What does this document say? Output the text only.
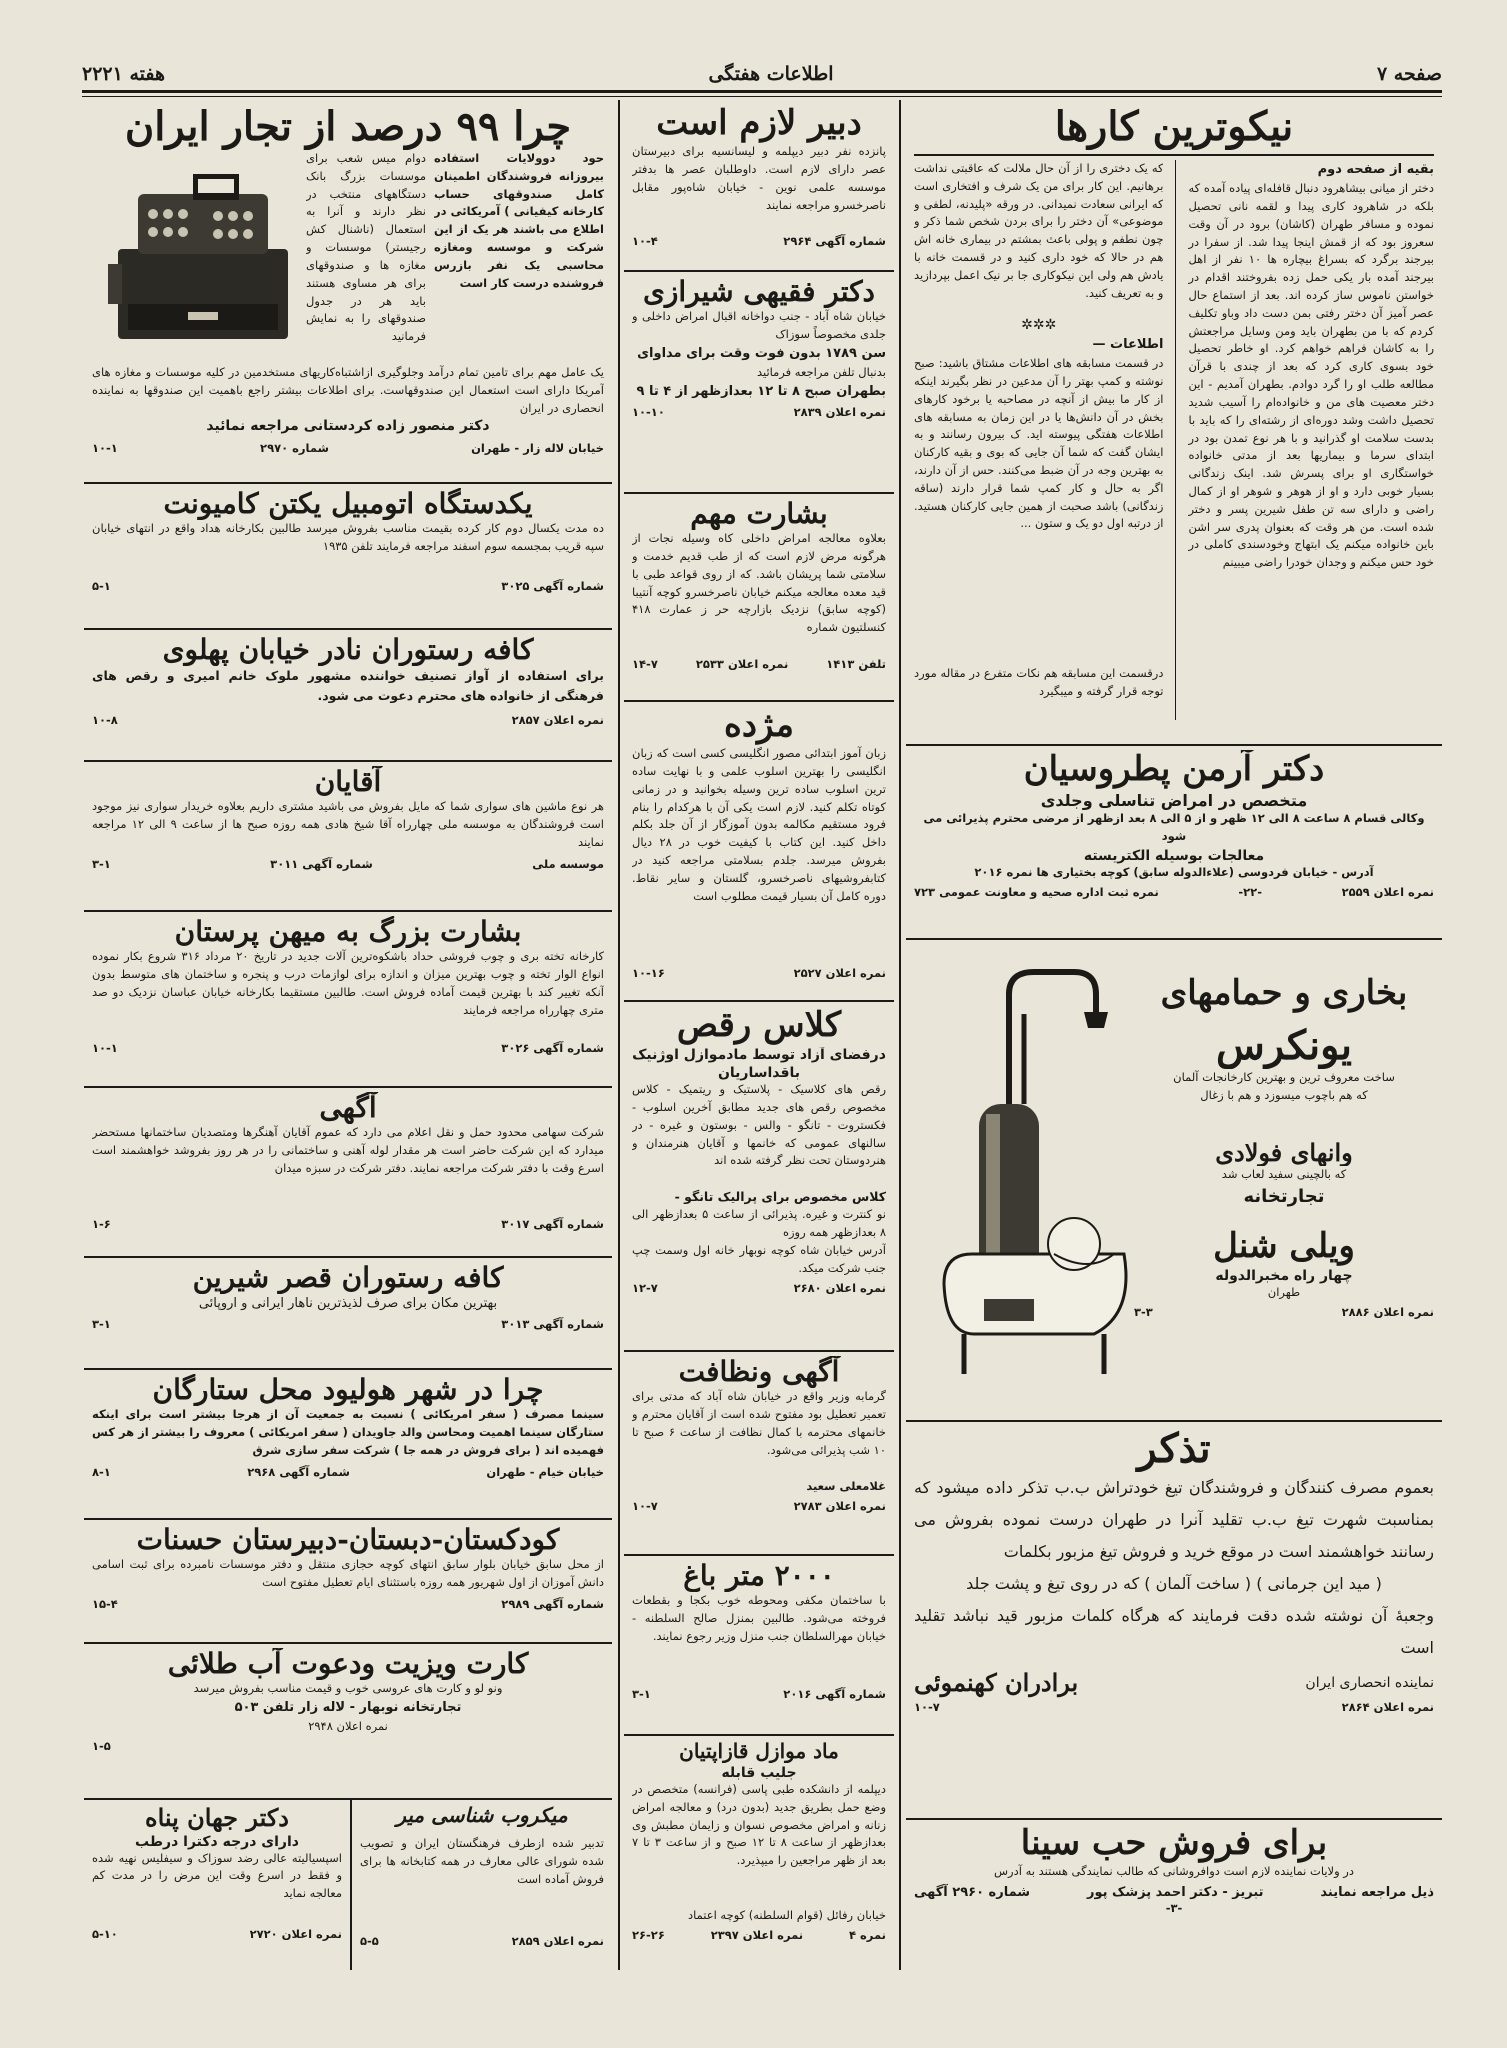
صفحه ۷
اطلاعات هفتگی
هفته ۲۲۲۱
نیکوترین کارها

بقیه از صفحه دوم

دختر از میانی بیشاهرود دنبال قافله‌ای پیاده آمده که بلکه در شاهرود کاری پیدا و لقمه نانی تحصیل نموده و مسافر طهران (کاشان) برود در آن وقت سعروز بود که از قمش اینجا پیدا شد. از سفرا در بیرجند برگرد که بسراغ بیچاره ها ۱۰ نفر از اهل بیرجند آمده بار یکی حمل زده بفروختند اقدام در خواستن ناموس ساز کرده اند. بعد از استماع حال عصر آمیز آن دختر رفتی بمن دست داد وباو تکلیف کردم که با من بطهران باید ومن وسایل مراجعتش را به کاشان فراهم خواهم کرد. او خاطر تحصیل خود بسوی کاری کرد که بعد از چندی با قرآن مطالعه طلب او را گرد دوادم. بطهران آمدیم - این دختر معصیت های من و خانواده‌ام را آسیب شدید تحصیل داشت وشد دوره‌ای از رشته‌ای را که باید با بدست سلامت او گذرانید و با هر نوع تمدن بود در ابتدای سرما و بیماریها بعد از مدتی خانواده خواستگاری او برای پسرش شد. اینک زندگانی بسیار خوبی دارد و او از هوهر و شوهر او از کمال راضی و دارای سه تن طفل شیرین پسر و دختر شده است. من هر وقت که بعنوان پدری سر اشن باین خانواده میکنم یک ابتهاج وخودسندی کاملی در خود حس میکنم و وجدان خودرا راضی میبینم

که یک دختری را از آن حال ملالت که عاقبتی نداشت برهانیم. این کار برای من یک شرف و افتخاری است که ایرانی سعادت نمیدانی. در ورقه «پلیدنه، لطفی و موضوعی» آن دختر را برای بردن شخص شما ذکر و چون نطفم و پولی باعث بمشتم در بیماری خانه اش هم در حالا که خود داری کنید و در قسمت خانه با یادش هم ولی این نیکوکاری جا بر نیک اعمل بپردازید و به تعریف کنید.

✲✲✲

اطلاعات —

در قسمت مسابقه های اطلاعات مشتاق باشید: صبح نوشته و کمپ بهتر را آن مدعین در نظر بگیرند اینکه از کار ما بیش از آنچه در مصاحبه یا برخود کارهای بخش در آن دانش‌ها یا در این زمان به مسابقه های اطلاعات هفتگی پیوسته اید. ک بیرون رسانند و به ایشان گفت که شما آن جایی که بوی و بقیه کارکنان به بهترین وجه در آن ضبط می‌کنند. حس از آن دارند، اگر به حال و کار کمپ شما قرار دارند (ساقه زندگانی) باشد صحبت از همین جایی کارکنان هستید. از درتبه اول دو یک و ستون ...

درقسمت این مسابقه هم نکات متفرع در مقاله مورد توجه قرار گرفته و میبگیرد

دکتر آرمن پطروسیان
متخصص در امراض تناسلی وجلدی

وکالی قسام ۸ ساعت ۸ الی ۱۲ ظهر و از ۵ الی ۸ بعد ازظهر از مرضی محترم پذیرائی می شود

معالجات بوسیله الکتریسته

آدرس - خیابان فردوسی (علاءالدوله سابق) کوچه بختیاری ها نمره ۲۰۱۶

نمره اعلان ۲۵۵۹
-۲۲-
نمره ثبت اداره صحیه و معاونت عمومی ۷۲۳
بخاری و حمامهای
یونکرس

ساخت معروف ترین و بهترین کارخانجات آلمان

که هم باچوب میسوزد و هم با زغال

وانهای فولادی

که بالچینی سفید لعاب شد

تجارتخانه
ویلی شنل
چهار راه مخبرالدوله

طهران

نمره اعلان ۲۸۸۶
۳-۳
تذکر

بعموم مصرف کنندگان و فروشندگان تیغ خودتراش ب.ب تذکر داده میشود که بمناسبت شهرت تیغ ب.ب تقلید آنرا در طهران درست نموده بفروش می رسانند خواهشمند است در موقع خرید و فروش تیغ مزبور بکلمات

( مید این جرمانی ) ( ساخت آلمان ) که در روی تیغ و پشت جلد

وجعبهٔ آن نوشته شده دقت فرمایند که هرگاه کلمات مزبور قید نباشد تقلید است

نماینده انحصاری ایران
برادران کهنموئی
نمره اعلان ۲۸۶۴
۱۰-۷
برای فروش حب سینا

در ولایات نماینده لازم است دوافروشانی که طالب نمایندگی هستند به آدرس

ذیل مراجعه نمایند
تبریز - دکتر احمد پزشک پور
شماره ۲۹۶۰ آگهی

-۳-

دبیر لازم است

پانزده نفر دبیر دیپلمه و لیسانسیه برای دبیرستان عصر دارای لازم است. داوطلبان عصر ها بدفتر موسسه علمی نوین - خیابان شاه‌پور مقابل ناصرخسرو مراجعه نمایند

شماره آگهی ۲۹۶۴
۱۰-۴
دکتر فقیهی شیرازی

خیابان شاه آباد - جنب دواخانه اقبال امراض داخلی و جلدی مخصوصاً سوزاک

سن ۱۷۸۹ بدون فوت وقت برای مداوای

بدنبال تلفن مراجعه فرمائید

بطهران صبح ۸ تا ۱۲ بعدازظهر از ۴ تا ۹

نمره اعلان ۲۸۳۹
۱۰-۱۰
بشارت مهم

بعلاوه معالجه امراض داخلی کاه وسیله نجات از هرگونه مرض لازم است که از طب قدیم خدمت و سلامتی شما پریشان باشد. که از روی قواعد طبی با قید معده معالجه میکنم خیابان ناصرخسرو کوچه آنتیبا (کوچه سابق) نزدیک بازارچه حر ز عمارت ۴۱۸ کنسلتیون شماره

تلفن ۱۴۱۳
نمره اعلان ۲۵۳۳
۱۴-۷
مژده

زبان آموز ابتدائی مصور انگلیسی کسی است که زبان انگلیسی را بهترین اسلوب علمی و با نهایت ساده ترین اسلوب ساده ترین وسیله بخوانید و در زمانی کوتاه تکلم کنید. لازم است یکی آن با هرکدام را بنام فرود مستقیم مکالمه بدون آموزگار از آن جلد بکلم داخل کنید. این کتاب با کیفیت خوب در ۲۸ دیال بفروش میرسد. جلدم بسلامتی مراجعه کنید در کتابفروشیهای ناصرخسرو، گلستان و سایر نقاط. دوره کامل آن بسیار قیمت مطلوب است

نمره اعلان ۲۵۲۷
۱۰-۱۶
کلاس رقص
درفضای آزاد توسط مادموازل اوژنیک
باقداساریان

رقص های کلاسیک - پلاستیک و ریتمیک - کلاس مخصوص رقص های جدید مطابق آخرین اسلوب - فکستروت - تانگو - والس - بوستون و غیره - در سالنهای عمومی که خانمها و آقایان هنرمندان و هنردوستان تحت نظر گرفته شده اند

کلاس مخصوص برای پرالیک تانگو -

نو کنترت و غیره. پذیرائی از ساعت ۵ بعدازظهر الی ۸ بعدازظهر همه روزه

آدرس خیابان شاه کوچه نوبهار خانه اول وسمت چپ جنب شرکت میکد.

نمره اعلان ۲۶۸۰
۱۲-۷
آگهی ونظافت

گرمابه وزیر واقع در خیابان شاه آباد که مدتی برای تعمیر تعطیل بود مفتوح شده است از آقایان محترم و خانمهای محترمه با کمال نظافت از ساعت ۶ صبح تا ۱۰ شب پذیرائی می‌شود.

غلامعلی سعید

نمره اعلان ۲۷۸۳
۱۰-۷
۲۰۰۰ متر باغ

با ساختمان مکفی ومحوطه خوب بکجا و بقطعات فروخته می‌شود. طالبین بمنزل صالح السلطنه - خیابان مهرالسلطان جنب منزل وزیر رجوع نمایند.

شماره آگهی ۲۰۱۶
۳-۱
ماد موازل قازاپتیان
جلیب قابله

دیپلمه از دانشکده طبی پاسی (فرانسه) متخصص در وضع حمل بطریق جدید (بدون درد) و معالجه امراض زنانه و امراض مخصوص نسوان و زایمان مطبش وی بعدازظهر از ساعت ۸ تا ۱۲ صبح و از ساعت ۳ تا ۷ بعد از ظهر مراجعین را میپذیرد.

خیابان رفائل (قوام السلطنه) کوچه اعتماد

نمره ۴
نمره اعلان ۲۳۹۷
۲۶-۲۶
چرا ۹۹ درصد از تجار ایران

حود دوولایات استفاده بیروزانه فروشندگان اطمینان کامل صندوقهای حساب کارخانه کیفیانی ) آمریکائی در اطلاع می باشند هر یک از این شرکت و موسسه ومغازه محاسبی یک نفر بازرس فروشنده درست کار است

دوام میس شعب برای موسسات بزرگ بانک دستگاههای منتخب در نظر دارند و آنرا به استعمال (ناشنال کش رجیستر) موسسات و مغازه ها و صندوقهای برای هر مساوی هستند باید هر در جدول صندوقهای را به نمایش فرمانید

یک عامل مهم برای تامین تمام درآمد وجلوگیری ازاشتباه‌کاریهای مستخدمین در کلیه موسسات و مغازه های آمریکا دارای است استعمال این صندوقهاست. برای اطلاعات بیشتر راجع باهمیت این صندوقها به نماینده انحصاری در ایران

دکتر منصور زاده کردستانی مراجعه نمائید

خیابان لاله زار - طهران
شماره ۲۹۷۰
۱۰-۱
یکدستگاه اتومبیل یکتن کامیونت

ده مدت یکسال دوم کار کرده بقیمت مناسب بفروش میرسد طالبین بکارخانه هداد واقع در انتهای خیابان سپه قریب بمجسمه سوم اسفند مراجعه فرمایند تلفن ۱۹۳۵

شماره آگهی ۳۰۲۵
۵-۱
کافه رستوران نادر خیابان پهلوی

برای استفاده از آواز تصنیف خواننده مشهور ملوک خانم امیری و رقص های فرهنگی از خانواده های محترم دعوت می شود.

نمره اعلان ۲۸۵۷
۱۰-۸
آقایان

هر نوع ماشین های سواری شما که مایل بفروش می باشید مشتری داریم بعلاوه خریدار سواری نیز موجود است فروشندگان به موسسه ملی چهارراه آقا شیخ هادی همه روزه صبح ها از ساعت ۹ الی ۱۲ مراجعه نمایند

موسسه ملی
شماره آگهی ۳۰۱۱
۳-۱
بشارت بزرگ به میهن پرستان

کارخانه تخته بری و چوب فروشی حداد باشکوه‌ترین آلات جدید در تاریخ ۲۰ مرداد ۳۱۶ شروع بکار نموده انواع الوار تخته و چوب بهترین میزان و اندازه برای لوازمات درب و پنجره و ساختمان های متوسط بدون آنکه تغییر کند با بهترین قیمت آماده فروش است. طالبین مستقیما بکارخانه خیابان عباسان نزدیک دو صد متری چهارراه مراجعه فرمایند

شماره آگهی ۳۰۲۶
۱۰-۱
آگهی

شرکت سهامی محدود حمل و نقل اعلام می دارد که عموم آقایان آهنگرها ومتصدیان ساختمانها مستحضر میدارد که این شرکت حاضر است هر مقدار لوله آهنی و ساختمانی را در هر روز بفروشد خواهشمند است اسرع وقت با دفتر شرکت مراجعه نمایند. دفتر شرکت در سبزه میدان

شماره آگهی ۳۰۱۷
۱-۶
کافه رستوران قصر شیرین

بهترین مکان برای صرف لذیذترین ناهار ایرانی و اروپائی

شماره آگهی ۳۰۱۳
۳-۱
چرا در شهر هولیود محل ستارگان

سینما مصرف ( سفر امریکائی ) نسبت به جمعیت آن از هرجا بیشتر است برای اینکه ستارگان سینما اهمیت ومحاسن والد جاویدان ( سفر امریکائی ) معروف را بیشتر از هر کس فهمیده اند ( برای فروش در همه جا ) شرکت سفر سازی شرق

خیابان خیام - طهران
شماره آگهی ۲۹۶۸
۸-۱
کودکستان-دبستان-دبیرستان حسنات

از محل سابق خیابان بلوار سابق انتهای کوچه حجازی منتقل و دفتر موسسات نامبرده برای ثبت اسامی دانش آموزان از اول شهریور همه روزه باستثنای ایام تعطیل مفتوح است

شماره آگهی ۲۹۸۹
۱۵-۴
کارت ویزیت ودعوت آب طلائی

ونو لو و کارت های عروسی خوب و قیمت مناسب بفروش میرسد

تجارتخانه نوبهار - لاله زار تلفن ۵۰۳

نمره اعلان ۲۹۴۸

۱-۵
میکروب شناسی میر

تدبیر شده ازطرف فرهنگستان ایران و تصویب شده شورای عالی معارف در همه کتابخانه ها برای فروش آماده است

نمره اعلان ۲۸۵۹
۵-۵
دکتر جهان پناه
دارای درجه دکترا درطب

اسپسیالیته عالی رضد سوزاک و سیفلیس نهیه شده و فقط در اسرع وقت این مرض را در مدت کم معالجه نماید

نمره اعلان ۲۷۲۰
۵-۱۰
